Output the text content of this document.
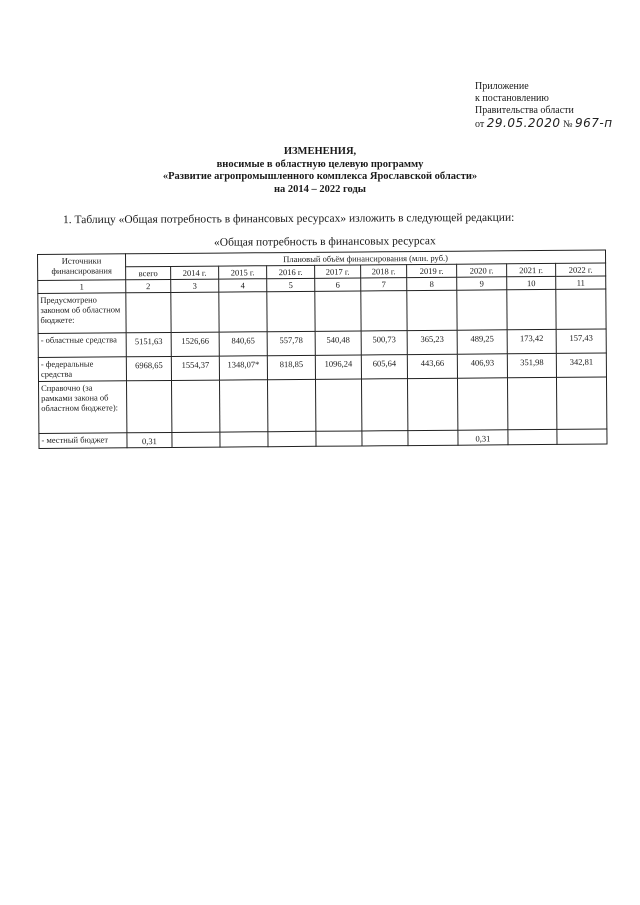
Приложение
к постановлению
Правительства области
от 29.05.2020 № 967-п
ИЗМЕНЕНИЯ,
вносимые в областную целевую программу
«Развитие агропромышленного комплекса Ярославской области»
на 2014 – 2022 годы
1. Таблицу «Общая потребность в финансовых ресурсах» изложить в следующей редакции:
«Общая потребность в финансовых ресурсах
Источники финансирования	Плановый объём финансирования (млн. руб.)									
	всего	2014 г.	2015 г.	2016 г.	2017 г.	2018 г.	2019 г.	2020 г.	2021 г.	2022 г.
1	2	3	4	5	6	7	8	9	10	11
Предусмотрено законом об областном бюджете:										
- областные средства	5151,63	1526,66	840,65	557,78	540,48	500,73	365,23	489,25	173,42	157,43
- федеральные средства	6968,65	1554,37	1348,07*	818,85	1096,24	605,64	443,66	406,93	351,98	342,81
Справочно (за рамками закона об областном бюджете):										
- местный бюджет	0,31							0,31		
